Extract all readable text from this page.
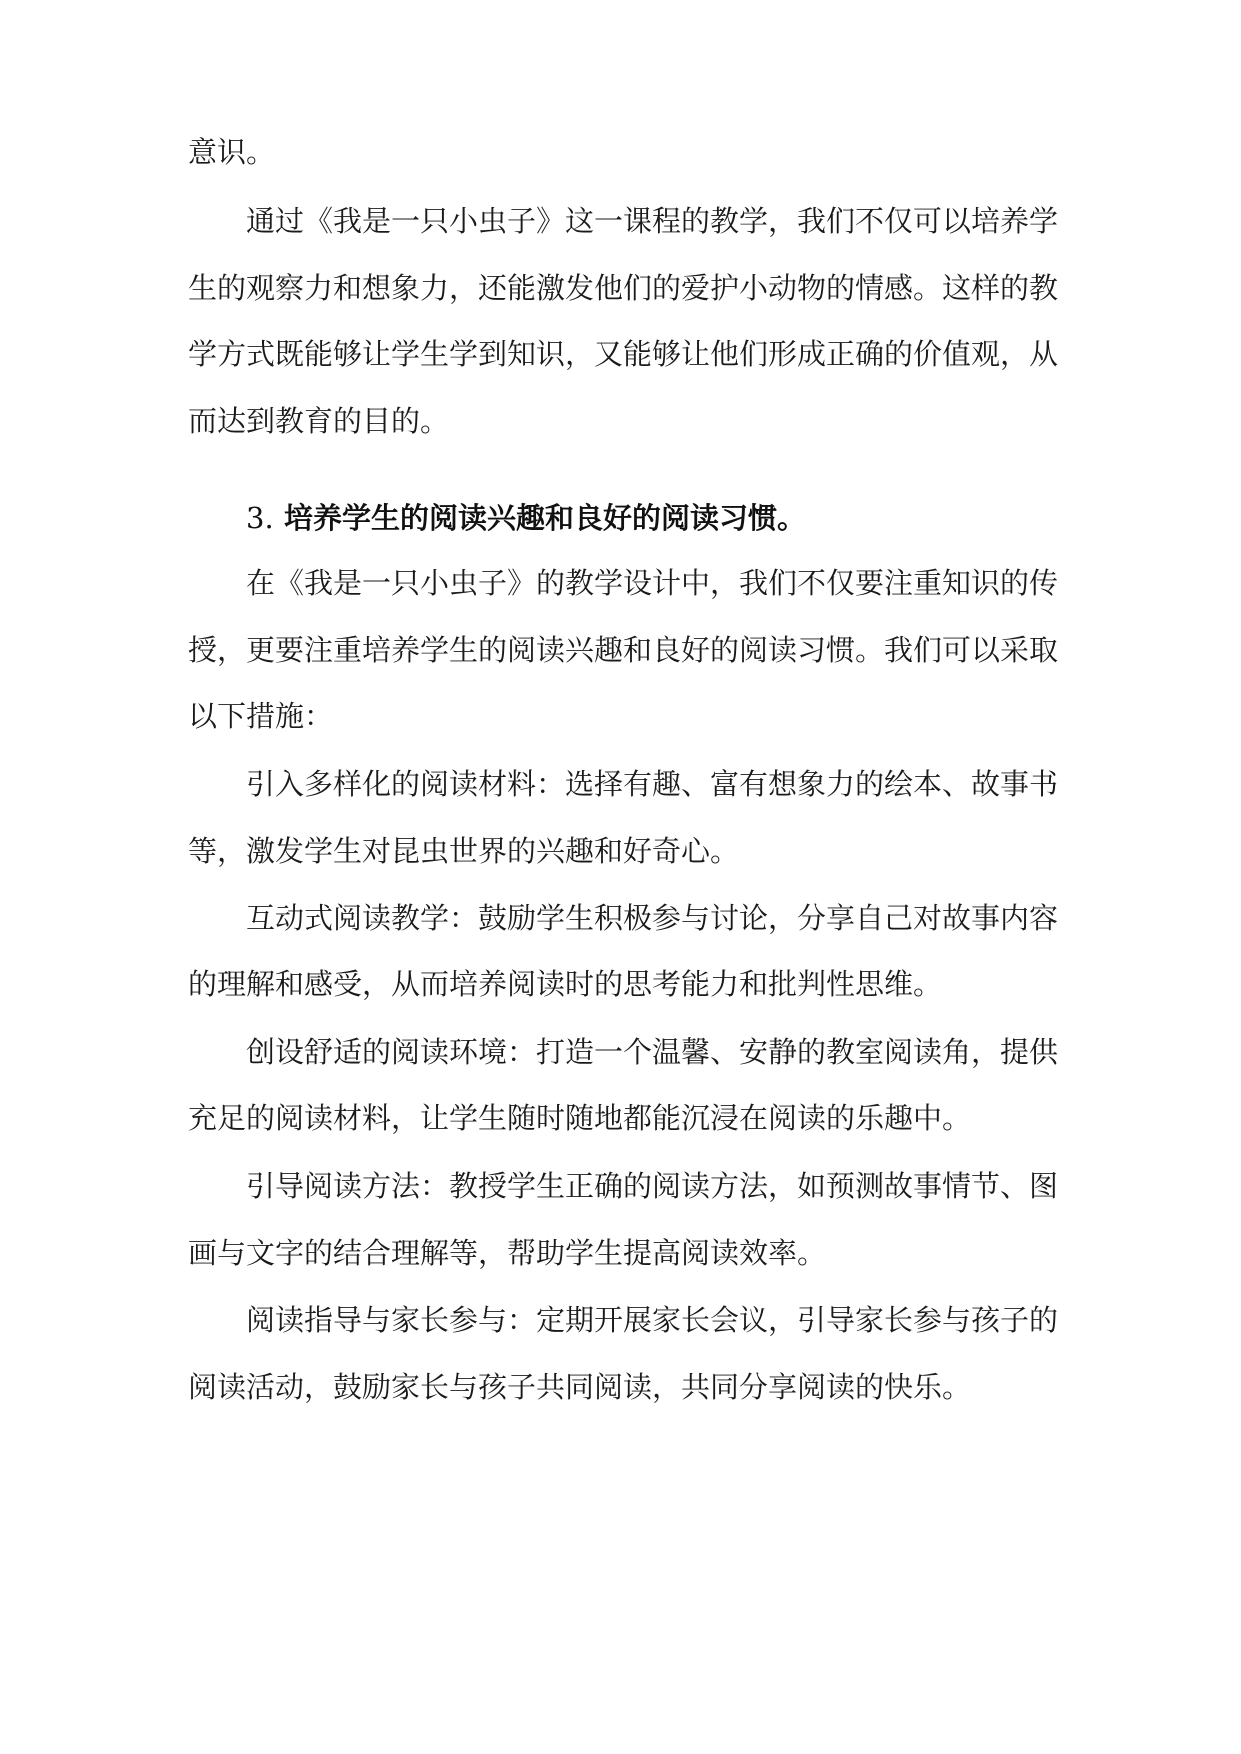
意识。

通过《我是一只小虫子》这一课程的教学，我们不仅可以培养学

生的观察力和想象力，还能激发他们的爱护小动物的情感。这样的教

学方式既能够让学生学到知识，又能够让他们形成正确的价值观，从

而达到教育的目的。

3. 培养学生的阅读兴趣和良好的阅读习惯。

在《我是一只小虫子》的教学设计中，我们不仅要注重知识的传

授，更要注重培养学生的阅读兴趣和良好的阅读习惯。我们可以采取

以下措施：

引入多样化的阅读材料：选择有趣、富有想象力的绘本、故事书

等，激发学生对昆虫世界的兴趣和好奇心。

互动式阅读教学：鼓励学生积极参与讨论，分享自己对故事内容

的理解和感受，从而培养阅读时的思考能力和批判性思维。

创设舒适的阅读环境：打造一个温馨、安静的教室阅读角，提供

充足的阅读材料，让学生随时随地都能沉浸在阅读的乐趣中。

引导阅读方法：教授学生正确的阅读方法，如预测故事情节、图

画与文字的结合理解等，帮助学生提高阅读效率。

阅读指导与家长参与：定期开展家长会议，引导家长参与孩子的

阅读活动，鼓励家长与孩子共同阅读，共同分享阅读的快乐。
